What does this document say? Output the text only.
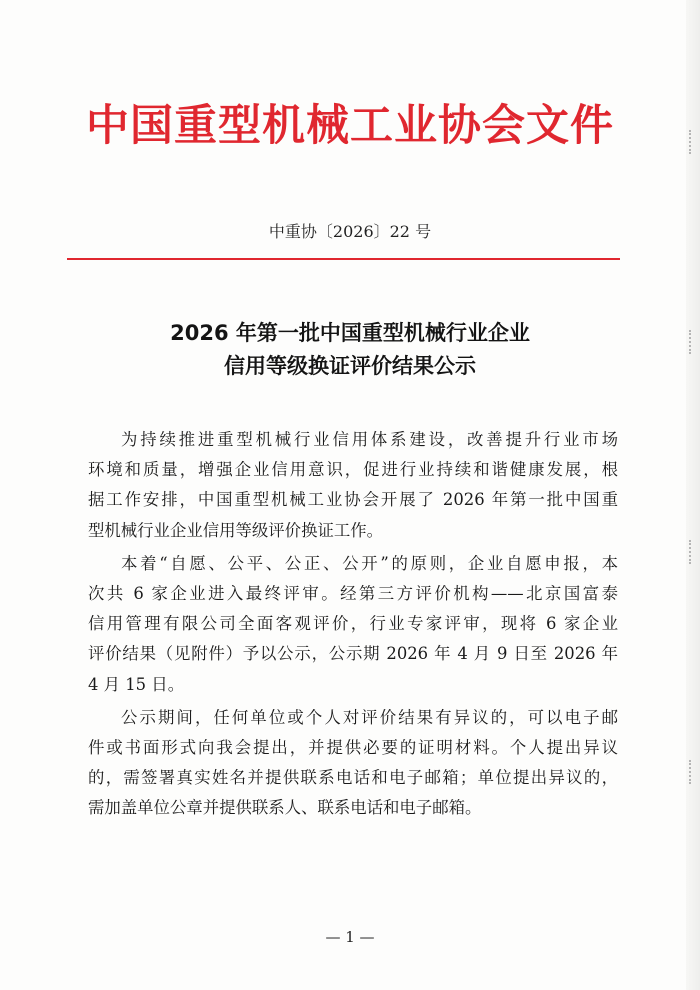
中国重型机械工业协会文件
中重协〔2026〕22 号
2026 年第一批中国重型机械行业企业
信用等级换证评价结果公示
为持续推进重型机械行业信用体系建设，改善提升行业市场
环境和质量，增强企业信用意识，促进行业持续和谐健康发展，根
据工作安排，中国重型机械工业协会开展了 2026 年第一批中国重
型机械行业企业信用等级评价换证工作。
本着“自愿、公平、公正、公开”的原则，企业自愿申报，本
次共 6 家企业进入最终评审。经第三方评价机构——北京国富泰
信用管理有限公司全面客观评价，行业专家评审，现将 6 家企业
评价结果（见附件）予以公示，公示期 2026 年 4 月 9 日至 2026 年
4 月 15 日。
公示期间，任何单位或个人对评价结果有异议的，可以电子邮
件或书面形式向我会提出，并提供必要的证明材料。个人提出异议
的，需签署真实姓名并提供联系电话和电子邮箱；单位提出异议的，
需加盖单位公章并提供联系人、联系电话和电子邮箱。
— 1 —
